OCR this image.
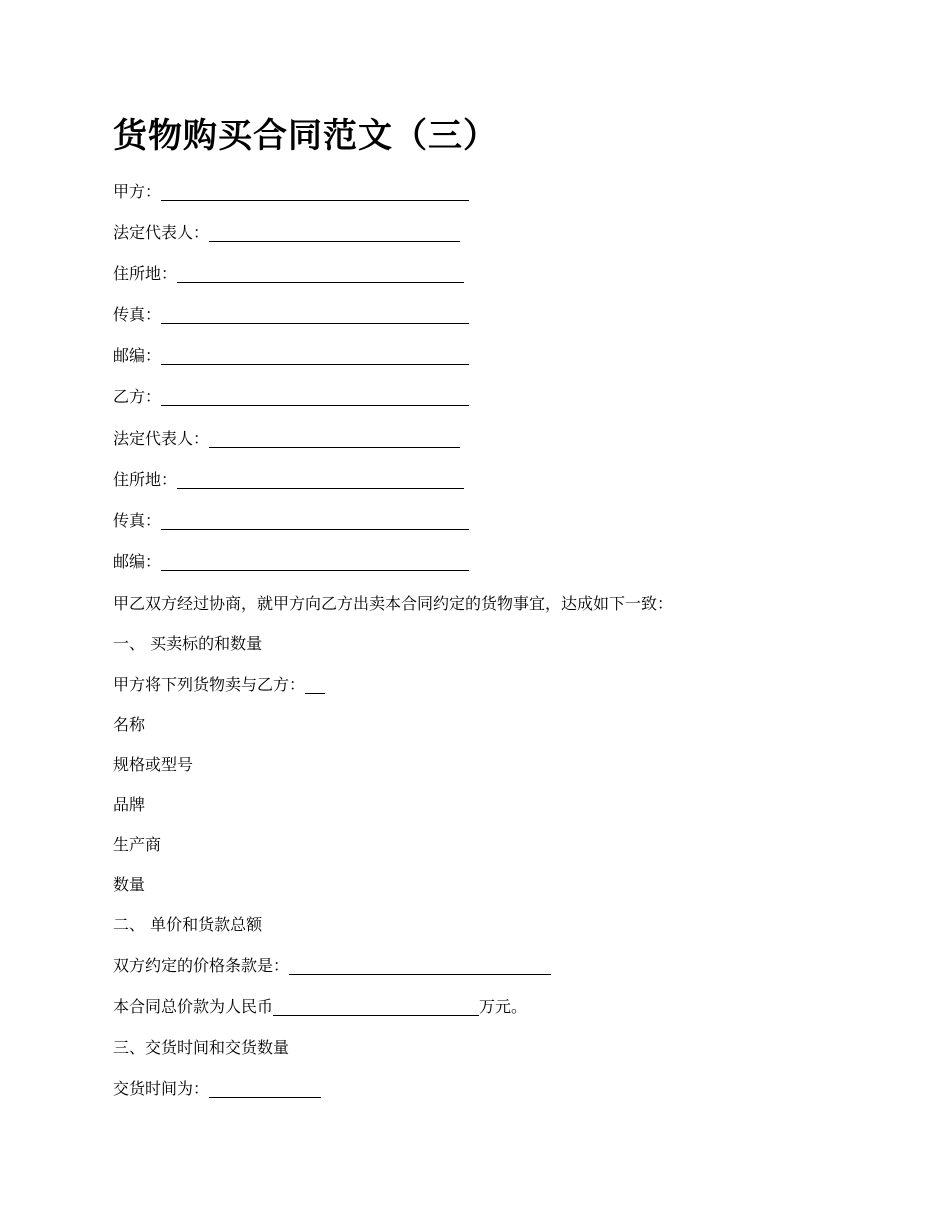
货物购买合同范文（三）
甲方：
法定代表人：
住所地：
传真：
邮编：
乙方：
法定代表人：
住所地：
传真：
邮编：
甲乙双方经过协商，就甲方向乙方出卖本合同约定的货物事宜，达成如下一致：
一、 买卖标的和数量
甲方将下列货物卖与乙方：
名称
规格或型号
品牌
生产商
数量
二、 单价和货款总额
双方约定的价格条款是：
本合同总价款为人民币	万元。
三、交货时间和交货数量
交货时间为：
